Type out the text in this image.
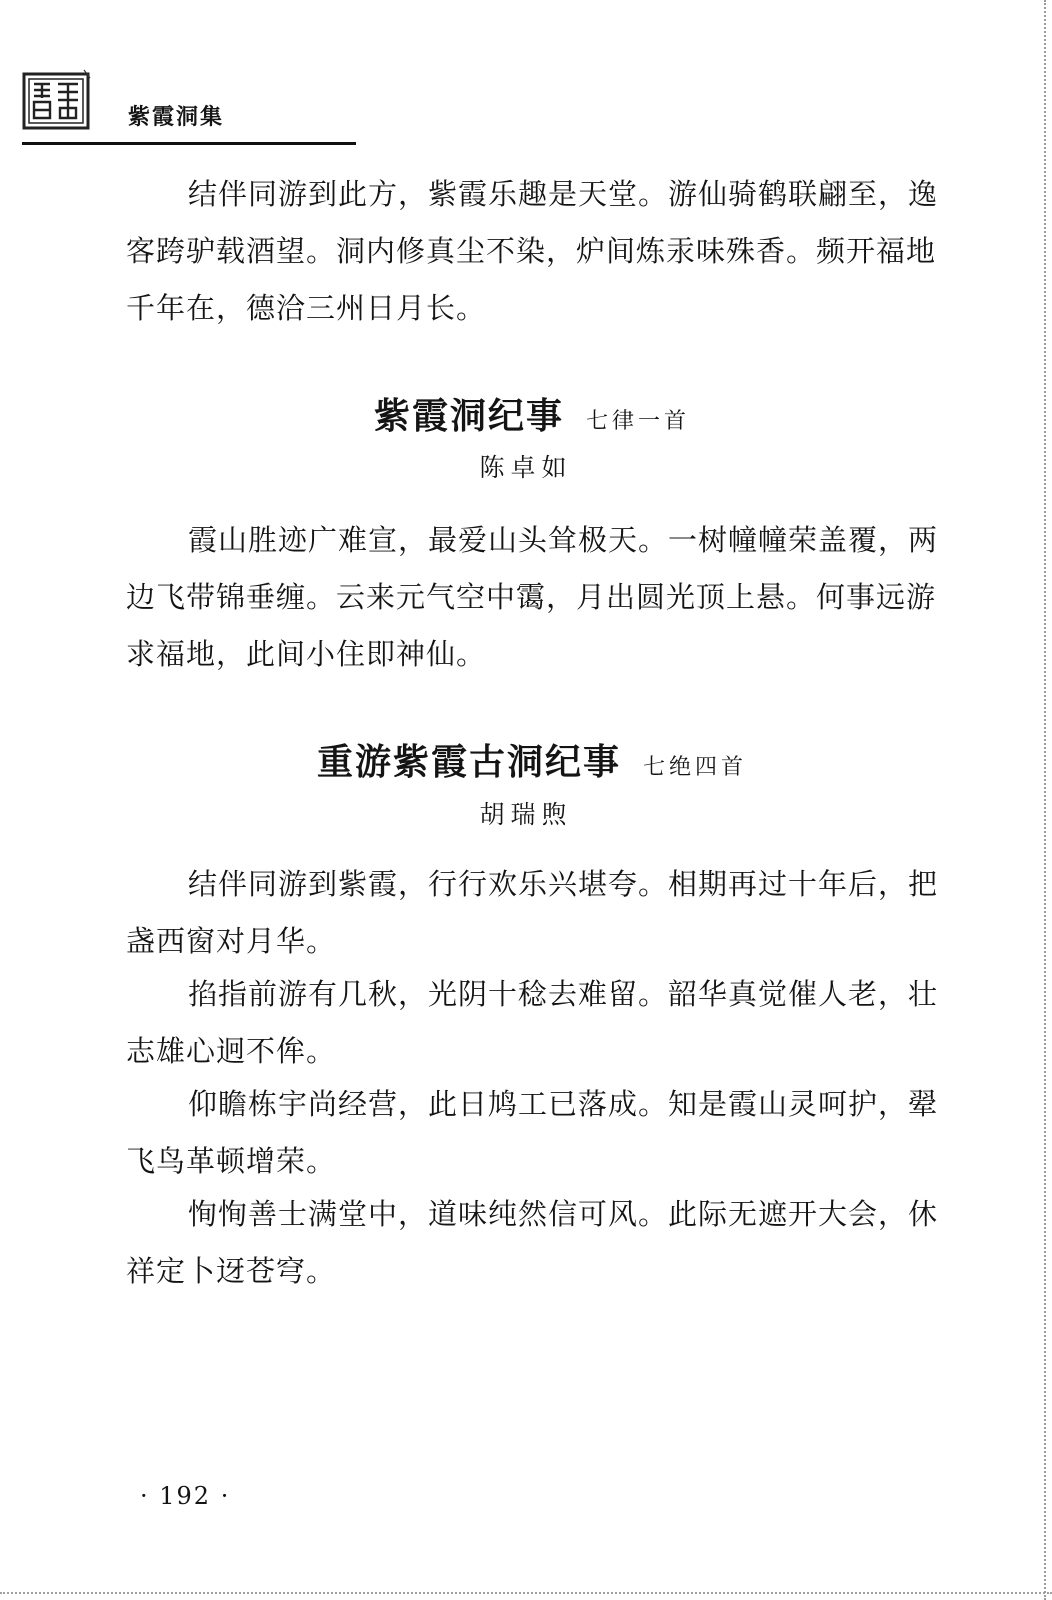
紫霞洞集

结伴同游到此方，紫霞乐趣是天堂。游仙骑鹤联翩至，逸客跨驴载酒望。洞内修真尘不染，炉间炼汞味殊香。频开福地千年在，德洽三州日月长。

紫霞洞纪事 七律一首
陈卓如

霞山胜迹广难宣，最爱山头耸极天。一树幢幢荣盖覆，两边飞带锦垂缠。云来元气空中霭，月出圆光顶上悬。何事远游求福地，此间小住即神仙。

重游紫霞古洞纪事 七绝四首
胡瑞煦

结伴同游到紫霞，行行欢乐兴堪夸。相期再过十年后，把盏西窗对月华。

掐指前游有几秋，光阴十稔去难留。韶华真觉催人老，壮志雄心迥不侔。

仰瞻栋宇尚经营，此日鸠工已落成。知是霞山灵呵护，翚飞鸟革顿增荣。

恂恂善士满堂中，道味纯然信可风。此际无遮开大会，休祥定卜迓苍穹。

· 192 ·
